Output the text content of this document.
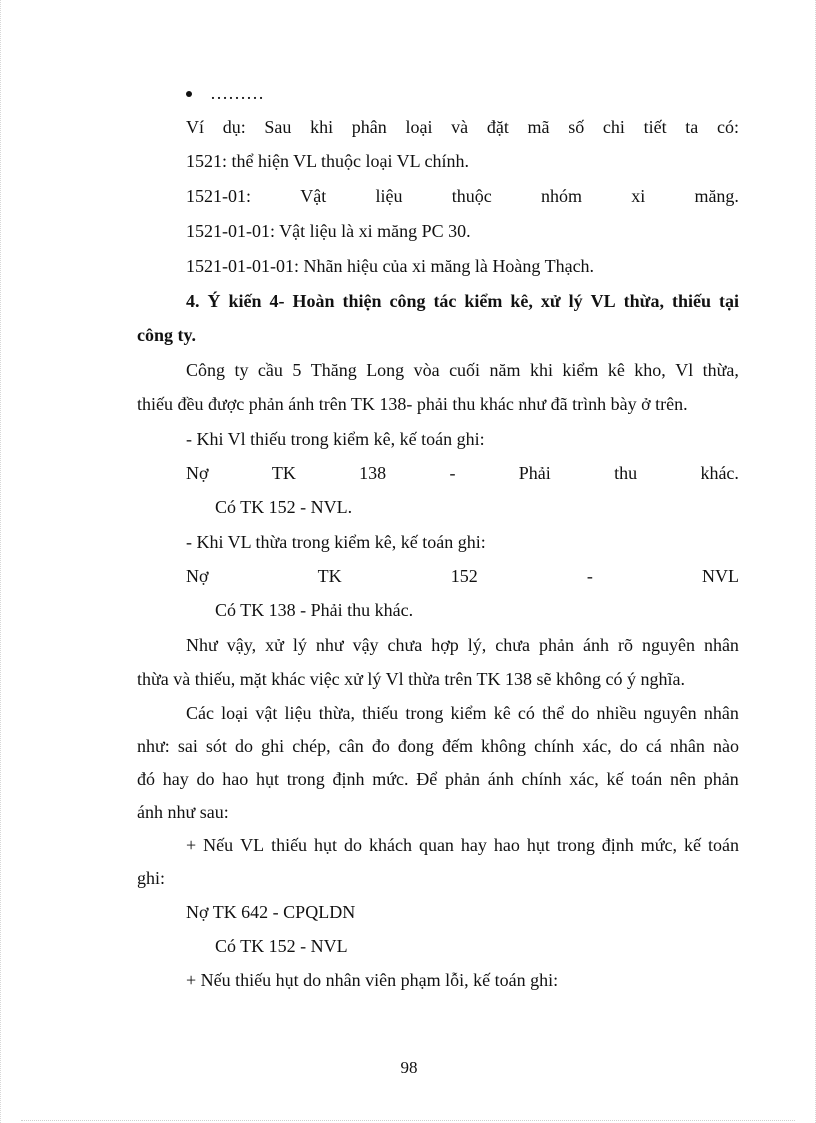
………
Ví dụ: Sau khi phân loại và đặt mã số chi tiết ta có:
1521: thể hiện VL thuộc loại VL chính.
1521-01:	Vật	liệu	thuộc	nhóm	xi	măng.
1521-01-01: Vật liệu là xi măng PC 30.
1521-01-01-01: Nhãn hiệu của xi măng là Hoàng Thạch.
4. Ý kiến 4- Hoàn thiện công tác kiểm kê, xử lý VL thừa, thiếu tại
công ty.
Công ty cầu 5 Thăng Long vòa cuối năm khi kiểm kê kho, Vl thừa,
thiếu đều được phản ánh trên TK 138- phải thu khác như đã trình bày ở trên.
- Khi Vl thiếu trong kiểm kê, kế toán ghi:
Nợ	TK	138	-	Phải	thu	khác.
Có TK 152 - NVL.
- Khi VL thừa trong kiểm kê, kế toán ghi:
Nợ	TK	152	-	NVL
Có TK 138 - Phải thu khác.
Như vậy, xử lý như vậy chưa hợp lý, chưa phản ánh rõ nguyên nhân
thừa và thiếu, mặt khác việc xử lý Vl thừa trên TK 138 sẽ không có ý nghĩa.
Các loại vật liệu thừa, thiếu trong kiểm kê có thể do nhiều nguyên nhân
như: sai sót do ghi chép, cân đo đong đếm không chính xác, do cá nhân nào
đó hay do hao hụt trong định mức. Để phản ánh chính xác, kế toán nên phản
ánh như sau:
+ Nếu VL thiếu hụt do khách quan hay hao hụt trong định mức, kế toán
ghi:
Nợ TK 642 - CPQLDN
Có TK 152 - NVL
+ Nếu thiếu hụt do nhân viên phạm lỗi, kế toán ghi:
98
